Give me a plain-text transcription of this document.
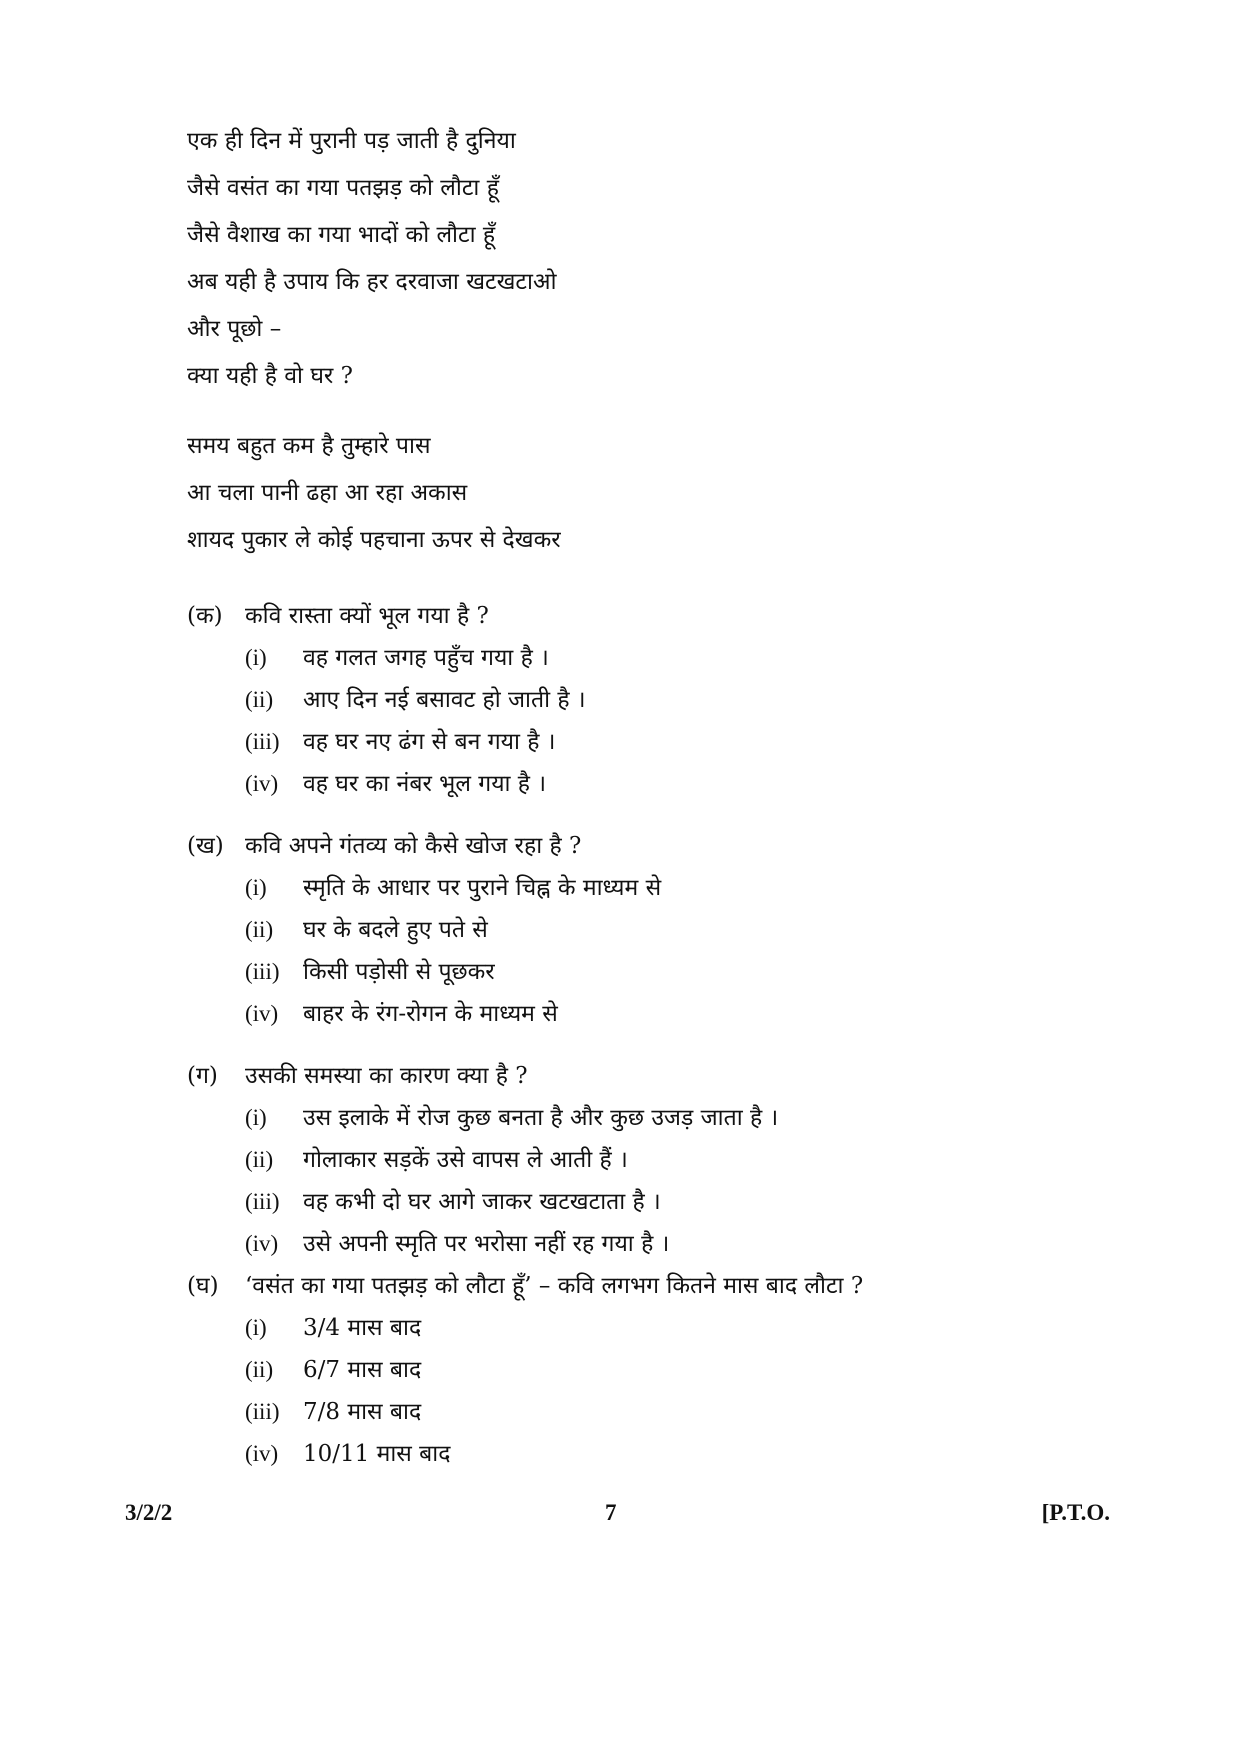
एक ही दिन में पुरानी पड़ जाती है दुनिया
जैसे वसंत का गया पतझड़ को लौटा हूँ
जैसे वैशाख का गया भादों को लौटा हूँ
अब यही है उपाय कि हर दरवाजा खटखटाओ
और पूछो –
क्या यही है वो घर ?
समय बहुत कम है तुम्हारे पास
आ चला पानी ढहा आ रहा अकास
शायद पुकार ले कोई पहचाना ऊपर से देखकर
(क) कवि रास्ता क्यों भूल गया है ?
(i)	वह गलत जगह पहुँच गया है ।
(ii)	आए दिन नई बसावट हो जाती है ।
(iii)	वह घर नए ढंग से बन गया है ।
(iv)	वह घर का नंबर भूल गया है ।
(ख) कवि अपने गंतव्य को कैसे खोज रहा है ?
(i)	स्मृति के आधार पर पुराने चिह्न के माध्यम से
(ii)	घर के बदले हुए पते से
(iii)	किसी पड़ोसी से पूछकर
(iv)	बाहर के रंग-रोगन के माध्यम से
(ग)	उसकी समस्या का कारण क्या है ?
(i)	उस इलाके में रोज कुछ बनता है और कुछ उजड़ जाता है ।
(ii)	गोलाकार सड़कें उसे वापस ले आती हैं ।
(iii)	वह कभी दो घर आगे जाकर खटखटाता है ।
(iv)	उसे अपनी स्मृति पर भरोसा नहीं रह गया है ।
(घ)	‘वसंत का गया पतझड़ को लौटा हूँ’ – कवि लगभग कितने मास बाद लौटा ?
(i)	3/4 मास बाद
(ii)	6/7 मास बाद
(iii)	7/8 मास बाद
(iv)	10/11 मास बाद
3/2/2	7	[P.T.O.
